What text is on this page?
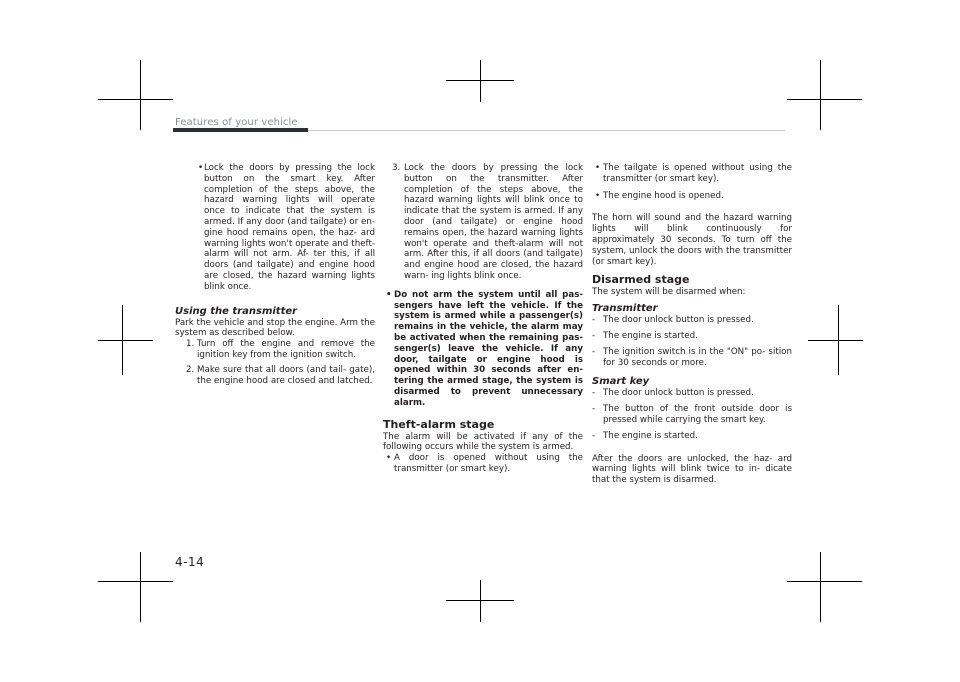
Features of your vehicle
• Lock the doors by pressing the lock button on the smart key. After completion of the steps above, the hazard warning lights will operate once to indicate that the system is armed. If any door (and tailgate) or en- gine hood remains open, the haz- ard warning lights won't operate and theft-alarm will not arm. Af- ter this, if all doors (and tailgate) and engine hood are closed, the hazard warning lights blink once.
Using the transmitter

Park the vehicle and stop the engine. Arm the system as described below.

1. Turn off the engine and remove the ignition key from the ignition switch.
2. Make sure that all doors (and tail- gate), the engine hood are closed and latched.
3. Lock the doors by pressing the lock button on the transmitter. After completion of the steps above, the hazard warning lights will blink once to indicate that the system is armed. If any door (and tailgate) or engine hood remains open, the hazard warning lights won't operate and theft-alarm will not arm. After this, if all doors (and tailgate) and engine hood are closed, the hazard warn- ing lights blink once.
• Do not arm the system until all pas- sengers have left the vehicle. If the system is armed while a passenger(s) remains in the vehicle, the alarm may be activated when the remaining pas- senger(s) leave the vehicle. If any door, tailgate or engine hood is opened within 30 seconds after en- tering the armed stage, the system is disarmed to prevent unnecessary alarm.
Theft-alarm stage

The alarm will be activated if any of the following occurs while the system is armed.

• A door is opened without using the transmitter (or smart key).
• The tailgate is opened without using the transmitter (or smart key).
• The engine hood is opened.

The horn will sound and the hazard warning lights will blink continuously for approximately 30 seconds. To turn off the system, unlock the doors with the transmitter (or smart key).

Disarmed stage

The system will be disarmed when:

Transmitter
- The door unlock button is pressed.
- The engine is started.
- The ignition switch is in the "ON" po- sition for 30 seconds or more.
Smart key
- The door unlock button is pressed.
- The button of the front outside door is pressed while carrying the smart key.
- The engine is started.

After the doors are unlocked, the haz- ard warning lights will blink twice to in- dicate that the system is disarmed.

4-14
